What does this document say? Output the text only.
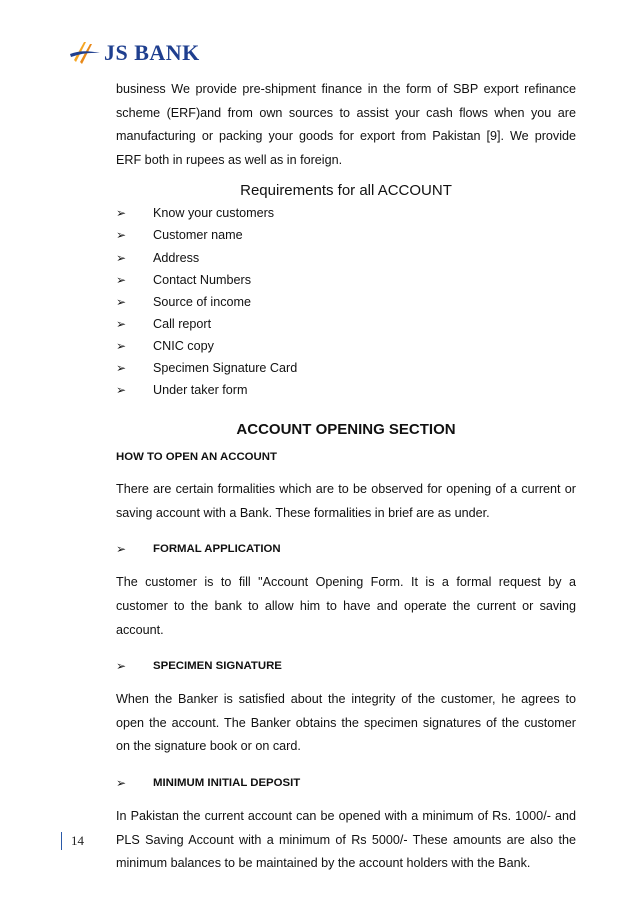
JS BANK

business We provide pre-shipment finance in the form of SBP export refinance scheme (ERF)and from own sources to assist your cash flows when you are manufacturing or packing your goods for export from Pakistan [9]. We provide ERF both in rupees as well as in foreign.

Requirements for all ACCOUNT
➢ Know your customers
➢ Customer name
➢ Address
➢ Contact Numbers
➢ Source of income
➢ Call report
➢ CNIC copy
➢ Specimen Signature Card
➢ Under taker form
ACCOUNT OPENING SECTION
HOW TO OPEN AN ACCOUNT

There are certain formalities which are to be observed for opening of a current or saving account with a Bank. These formalities in brief are as under.

➢ FORMAL APPLICATION

The customer is to fill "Account Opening Form. It is a formal request by a customer to the bank to allow him to have and operate the current or saving account.

➢ SPECIMEN SIGNATURE

When the Banker is satisfied about the integrity of the customer, he agrees to open the account. The Banker obtains the specimen signatures of the customer on the signature book or on card.

➢ MINIMUM INITIAL DEPOSIT

In Pakistan the current account can be opened with a minimum of Rs. 1000/- and PLS Saving Account with a minimum of Rs 5000/- These amounts are also the minimum balances to be maintained by the account holders with the Bank.

14
